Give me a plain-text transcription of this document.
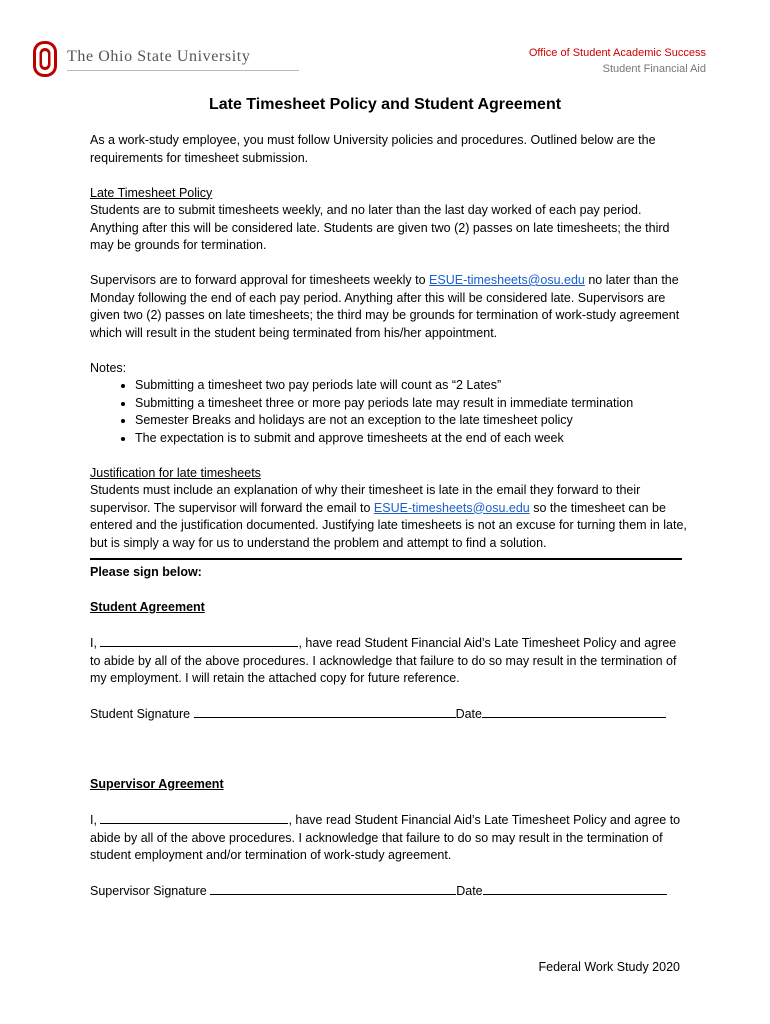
The Ohio State University	Office of Student Academic Success
Student Financial Aid
Late Timesheet Policy and Student Agreement

As a work-study employee, you must follow University policies and procedures. Outlined below are the requirements for timesheet submission.

Late Timesheet Policy

Students are to submit timesheets weekly, and no later than the last day worked of each pay period. Anything after this will be considered late. Students are given two (2) passes on late timesheets; the third may be grounds for termination.

Supervisors are to forward approval for timesheets weekly to ESUE-timesheets@osu.edu no later than the Monday following the end of each pay period. Anything after this will be considered late. Supervisors are given two (2) passes on late timesheets; the third may be grounds for termination of work-study agreement which will result in the student being terminated from his/her appointment.

Notes:

• Submitting a timesheet two pay periods late will count as “2 Lates”
• Submitting a timesheet three or more pay periods late may result in immediate termination
• Semester Breaks and holidays are not an exception to the late timesheet policy
• The expectation is to submit and approve timesheets at the end of each week

Justification for late timesheets

Students must include an explanation of why their timesheet is late in the email they forward to their supervisor. The supervisor will forward the email to ESUE-timesheets@osu.edu so the timesheet can be entered and the justification documented. Justifying late timesheets is not an excuse for turning them in late, but is simply a way for us to understand the problem and attempt to find a solution.

Please sign below:

Student Agreement

I,	, have read Student Financial Aid’s Late Timesheet Policy and agree to abide by all of the above procedures. I acknowledge that failure to do so may result in the termination of my employment. I will retain the attached copy for future reference.

Student Signature	Date

Supervisor Agreement

I,	, have read Student Financial Aid’s Late Timesheet Policy and agree to abide by all of the above procedures. I acknowledge that failure to do so may result in the termination of student employment and/or termination of work-study agreement.

Supervisor Signature	Date

Federal Work Study 2020
